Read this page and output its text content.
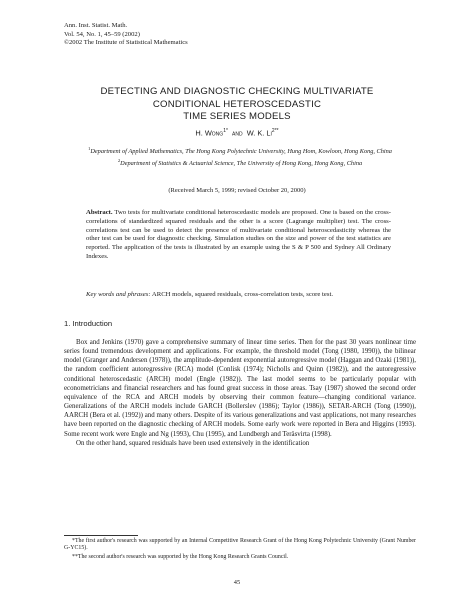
Ann. Inst. Statist. Math.
Vol. 54, No. 1, 45–59 (2002)
©2002 The Institute of Statistical Mathematics
DETECTING AND DIAGNOSTIC CHECKING MULTIVARIATE
CONDITIONAL HETEROSCEDASTIC
TIME SERIES MODELS
H. Wong$^{1*}$ and W. K. $Li^{2**}$
$^1$Department of Applied Mathematics, The Hong Kong Polytechnic University, Hung Hom, Kowloon, Hong Kong, China
$^2$Department of Statistics & Actuarial Science, The University of Hong Kong, Hong Kong, China
(Received March 5, 1999; revised October 20, 2000)
Abstract. Two tests for multivariate conditional heteroscedastic models are proposed. One is based on the cross-correlations of standardized squared residuals and the other is a score (Lagrange multiplier) test. The cross-correlations test can be used to detect the presence of multivariate conditional heteroscedasticity whereas the other test can be used for diagnostic checking. Simulation studies on the size and power of the test statistics are reported. The application of the tests is illustrated by an example using the S & P 500 and Sydney All Ordinary Indexes.
Key words and phrases: ARCH models, squared residuals, cross-correlation tests, score test.
1. Introduction

Box and Jenkins (1970) gave a comprehensive summary of linear time series. Then for the past 30 years nonlinear time series found tremendous development and applications. For example, the threshold model (Tong (1980, 1990)), the bilinear model (Granger and Andersen (1978)), the amplitude-dependent exponential autoregressive model (Haggan and Ozaki (1981)), the random coefficient autoregressive (RCA) model (Conlisk (1974); Nicholls and Quinn (1982)), and the autoregressive conditional heteroscedastic (ARCH) model (Engle (1982)). The last model seems to be particularly popular with econometricians and financial researchers and has found great success in those areas. Tsay (1987) showed the second order equivalence of the RCA and ARCH models by observing their common feature—changing conditional variance. Generalizations of the ARCH models include GARCH (Bollerslev (1986); Taylor (1986)), SETAR-ARCH (Tong (1990)), AARCH (Bera et al. (1992)) and many others. Despite of its various generalizations and vast applications, not many researches have been reported on the diagnostic checking of ARCH models. Some early work were reported in Bera and Higgins (1993). Some recent work were Engle and Ng (1993), Chu (1995), and Lundbergh and Teräsvirta (1998).

On the other hand, squared residuals have been used extensively in the identification

*The first author's research was supported by an Internal Competitive Research Grant of the Hong Kong Polytechnic University (Grant Number G-YC15).

**The second author's research was supported by the Hong Kong Research Grants Council.

45
